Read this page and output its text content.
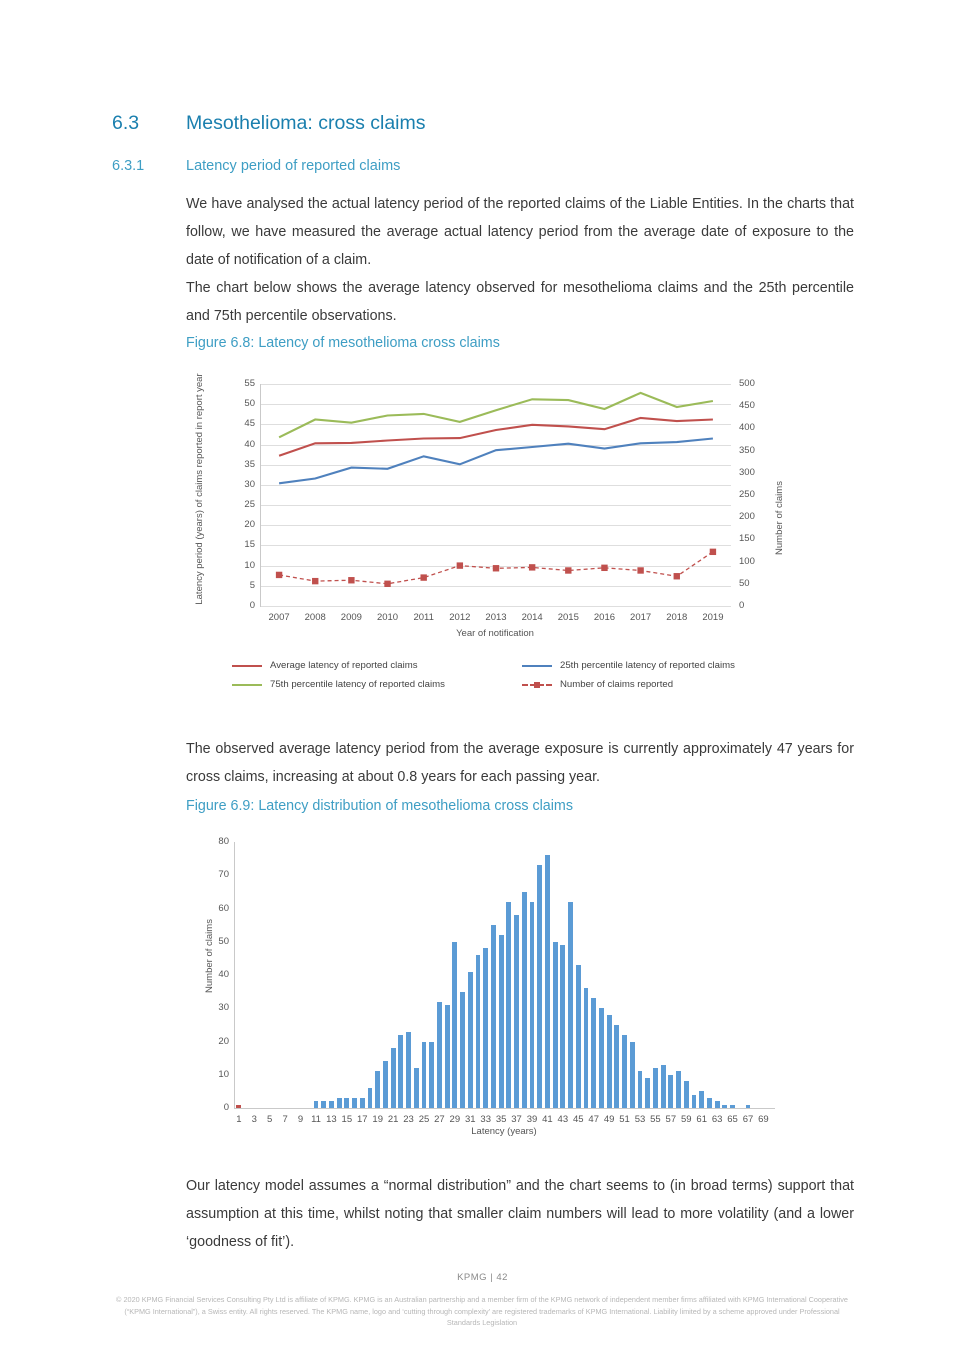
6.3	Mesothelioma: cross claims
6.3.1	Latency period of reported claims

We have analysed the actual latency period of the reported claims of the Liable Entities. In the charts that follow, we have measured the average actual latency period from the average date of exposure to the date of notification of a claim.

The chart below shows the average latency observed for mesothelioma claims and the 25th percentile and 75th percentile observations.

Figure 6.8: Latency of mesothelioma cross claims
Latency period (years) of claims reported in report year	Number of claims
0
5
10
15
20
25
30
35
40
45
50
55
0
50
100
150
200
250
300
350
400
450
500
2007	2008	2009	2010	2011	2012	2013	2014	2015	2016	2017	2018	2019
Year of notification
Average latency of reported claims	25th percentile latency of reported claims
75th percentile latency of reported claims	Number of claims reported

The observed average latency period from the average exposure is currently approximately 47 years for cross claims, increasing at about 0.8 years for each passing year.

Figure 6.9: Latency distribution of mesothelioma cross claims
Number of claims
0
10
20
30
40
50
60
70
80
1	3	5	7	9 11 13 15 17 19 21 23 25 27 29 31 33 35 37 39 41 43 45 47 49 51 53 55 57 59 61 63 65 67 69
Latency (years)

Our latency model assumes a “normal distribution” and the chart seems to (in broad terms) support that assumption at this time, whilst noting that smaller claim numbers will lead to more volatility (and a lower ‘goodness of fit’).

KPMG | 42
© 2020 KPMG Financial Services Consulting Pty Ltd is affiliate of KPMG. KPMG is an Australian partnership and a member firm of the KPMG network of independent member firms affiliated with KPMG International Cooperative (“KPMG International”), a Swiss entity. All rights reserved. The KPMG name, logo and ‘cutting through complexity’ are registered trademarks of KPMG International. Liability limited by a scheme approved under Professional Standards Legislation
